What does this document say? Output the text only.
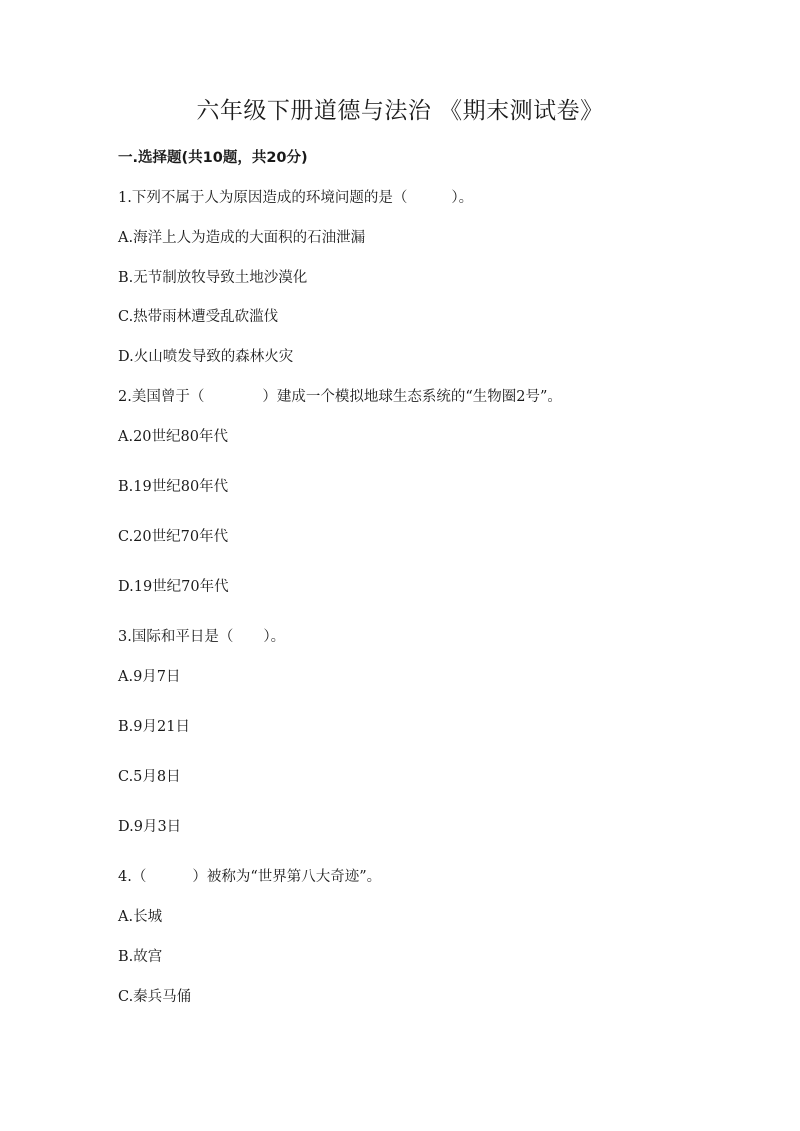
六年级下册道德与法治 《期末测试卷》
一.选择题(共10题，共20分)
1.下列不属于人为原因造成的环境问题的是（	）。
A.海洋上人为造成的大面积的石油泄漏
B.无节制放牧导致土地沙漠化
C.热带雨林遭受乱砍滥伐
D.火山喷发导致的森林火灾
2.美国曾于（	）建成一个模拟地球生态系统的“生物圈2号”。
A.20世纪80年代
B.19世纪80年代
C.20世纪70年代
D.19世纪70年代
3.国际和平日是（ ）。
A.9月7日
B.9月21日
C.5月8日
D.9月3日
4.（	）被称为“世界第八大奇迹”。
A.长城
B.故宫
C.秦兵马俑
